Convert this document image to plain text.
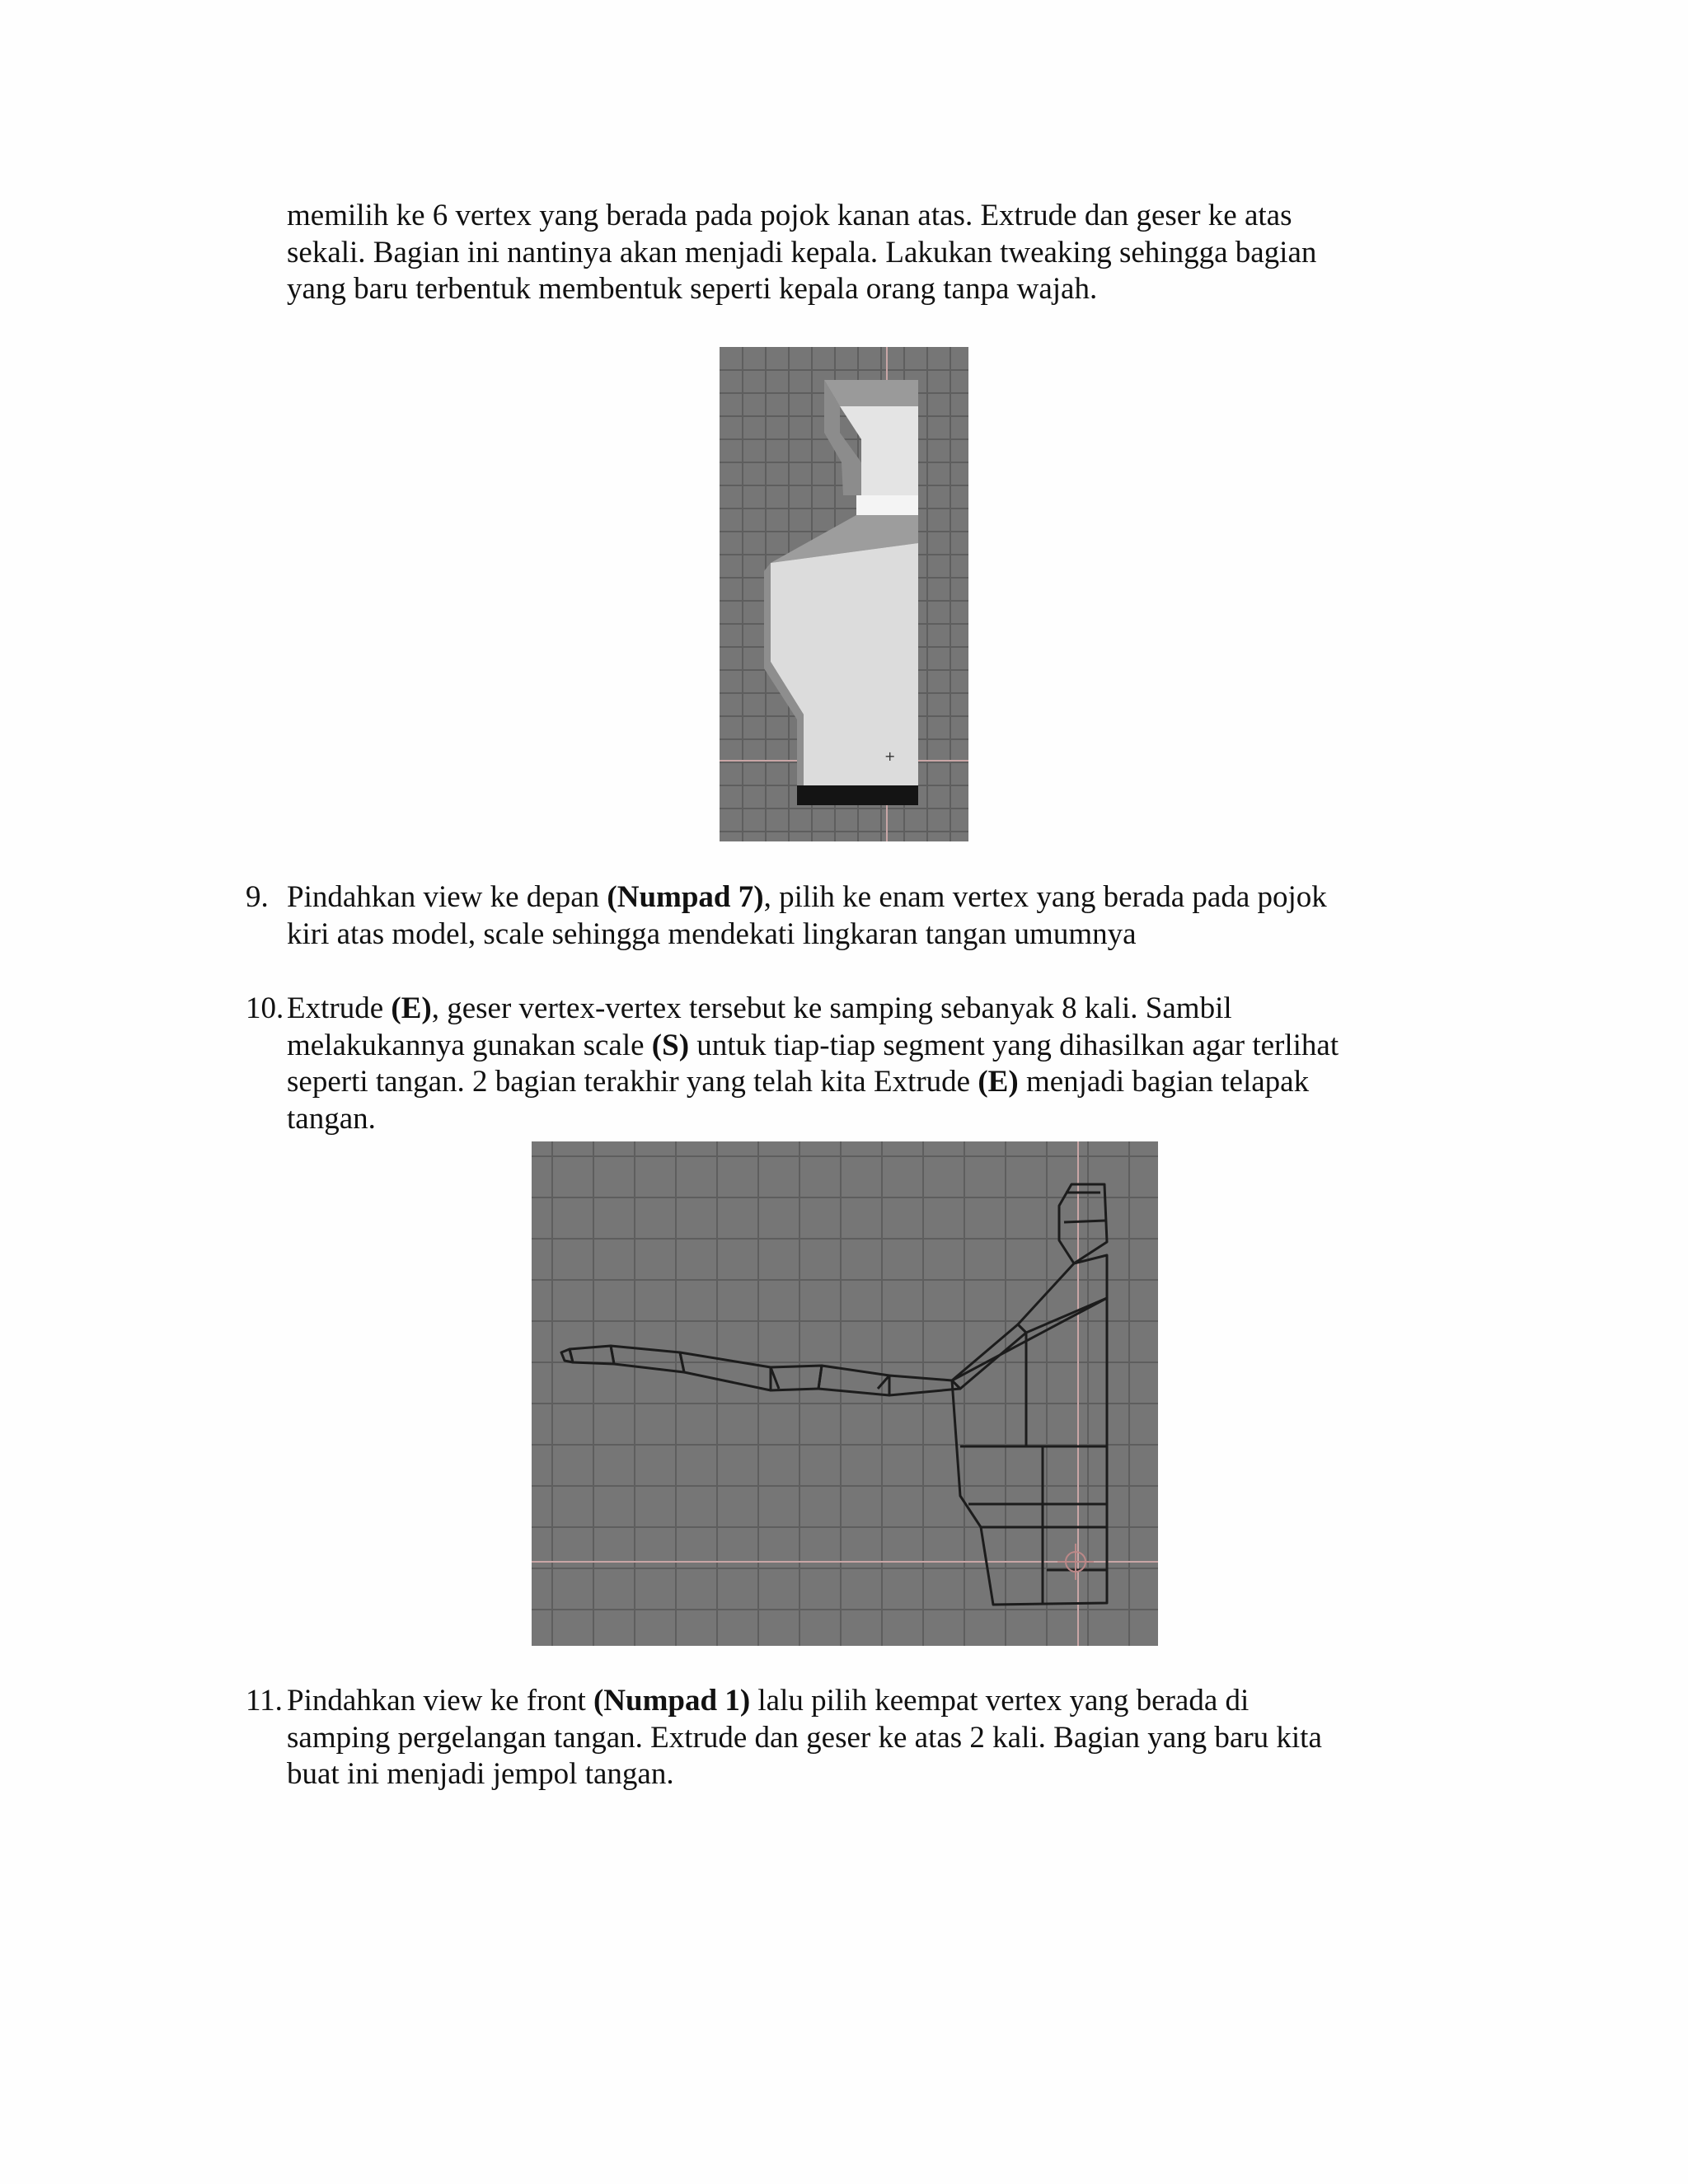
memilih ke 6 vertex yang berada pada pojok kanan atas. Extrude dan geser ke atas
sekali. Bagian ini nantinya akan menjadi kepala. Lakukan tweaking sehingga bagian
yang baru terbentuk membentuk seperti kepala orang tanpa wajah.
+
9. Pindahkan view ke depan (Numpad 7), pilih ke enam vertex yang berada pada pojok
kiri atas model, scale sehingga mendekati lingkaran tangan umumnya
10. Extrude (E), geser vertex-vertex tersebut ke samping sebanyak 8 kali. Sambil
melakukannya gunakan scale (S) untuk tiap-tiap segment yang dihasilkan agar terlihat
seperti tangan. 2 bagian terakhir yang telah kita Extrude (E) menjadi bagian telapak
tangan.
11. Pindahkan view ke front (Numpad 1) lalu pilih keempat vertex yang berada di
samping pergelangan tangan. Extrude dan geser ke atas 2 kali. Bagian yang baru kita
buat ini menjadi jempol tangan.
